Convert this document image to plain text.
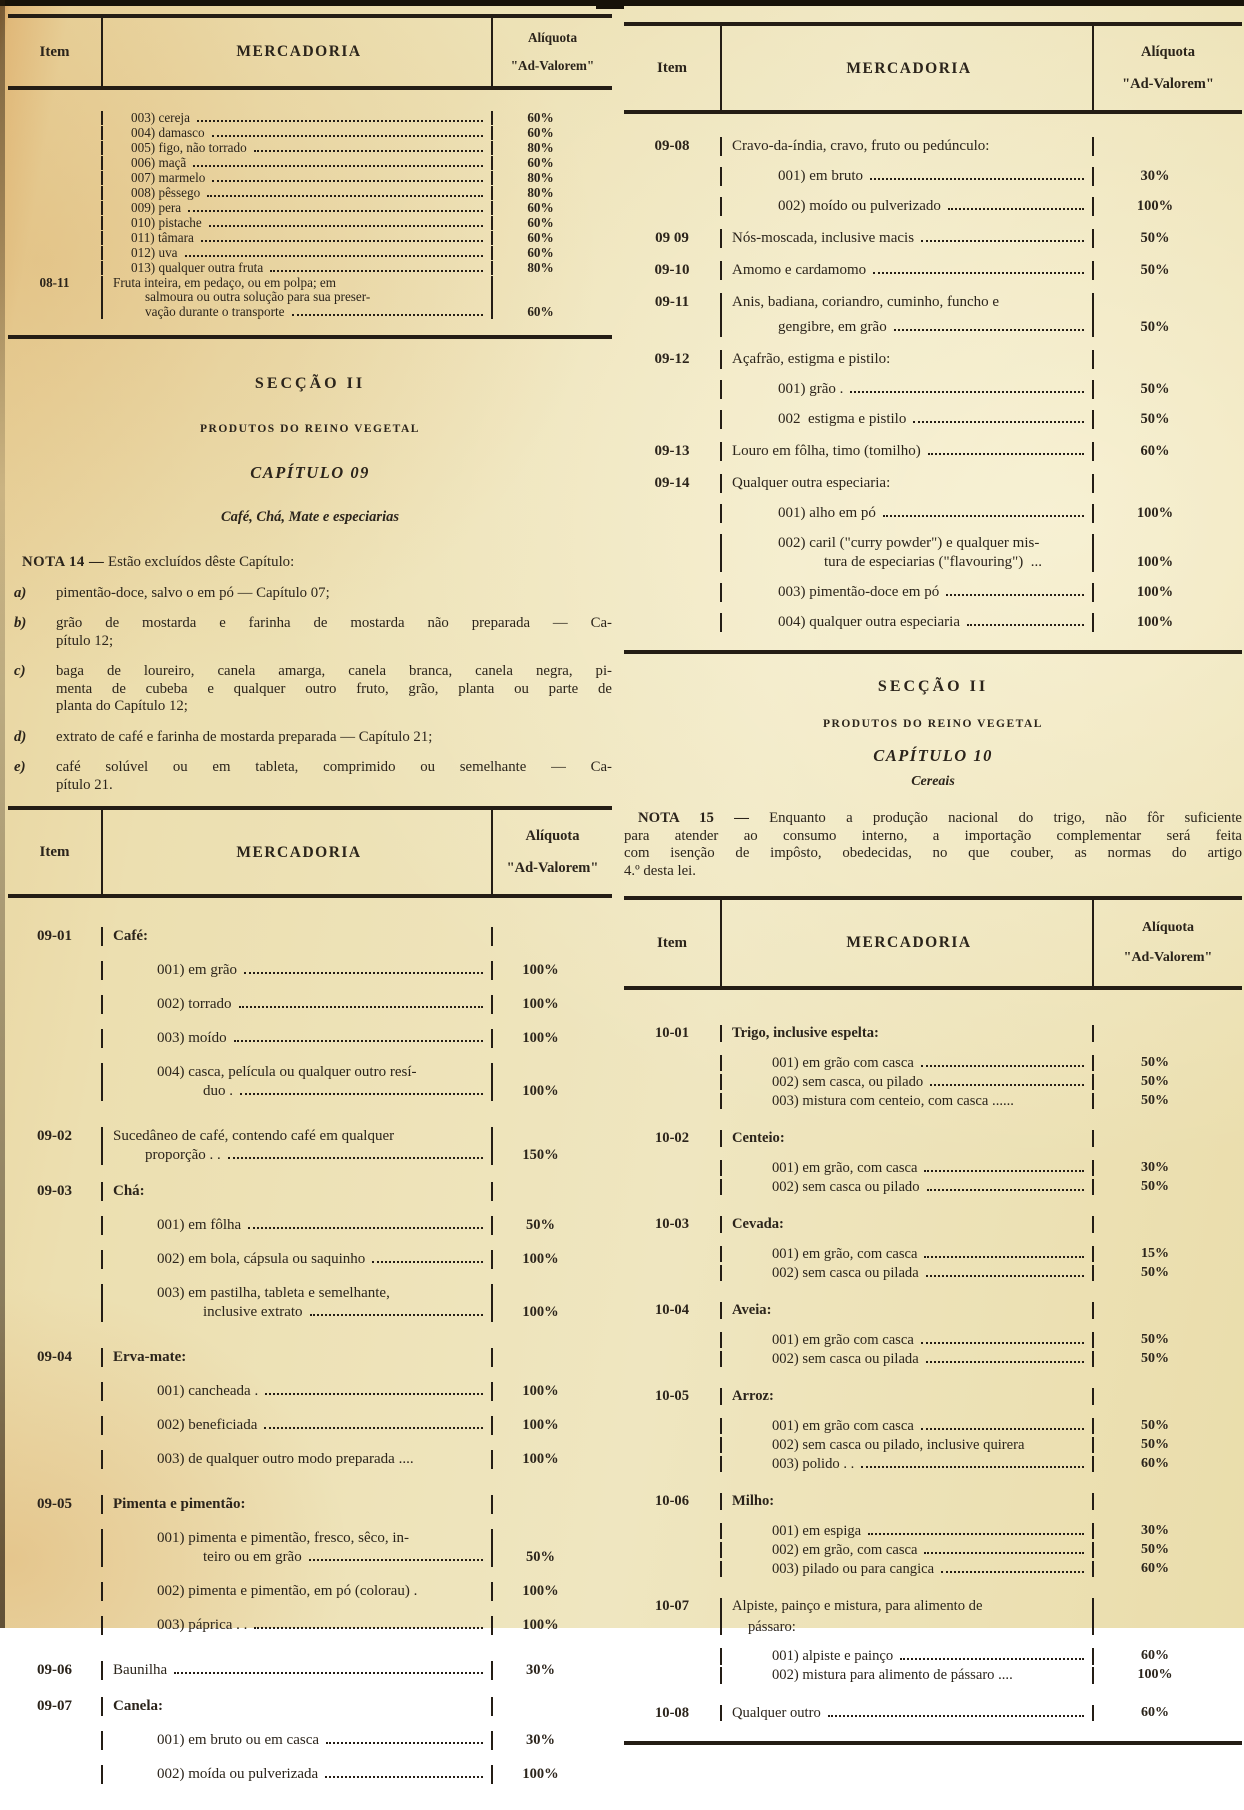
Item	MERCADORIA
Alíquota
"Ad-Valorem"
003) cereja	60%
004) damasco	60%
005) figo, não torrado	80%
006) maçã	60%
007) marmelo	80%
008) pêssego	80%
009) pera	60%
010) pistache	60%
011) tâmara	60%
012) uva	60%
013) qualquer outra fruta	80%
08-11	Fruta inteira, em pedaço, ou em polpa; em
salmoura ou outra solução para sua preser-
vação durante o transporte	60%
SECÇÃO II
PRODUTOS DO REINO VEGETAL
CAPÍTULO 09
Café, Chá, Mate e especiarias
NOTA 14 — Estão excluídos dêste Capítulo:
a) pimentão-doce, salvo o em pó — Capítulo 07;
b) grão de mostarda e farinha de mostarda não preparada — Ca-
pítulo 12;
c) baga de loureiro, canela amarga, canela branca, canela negra, pi-
menta de cubeba e qualquer outro fruto, grão, planta ou parte de
planta do Capítulo 12;
d) extrato de café e farinha de mostarda preparada — Capítulo 21;
e) café solúvel ou em tableta, comprimido ou semelhante — Ca-
pítulo 21.
Item	MERCADORIA
Alíquota
"Ad-Valorem"
09-01	Café:
001) em grão	100%
002) torrado	100%
003) moído	100%
004) casca, película ou qualquer outro resí-
duo .	100%
09-02	Sucedâneo de café, contendo café em qualquer
proporção . .	150%
09-03	Chá:
001) em fôlha	50%
002) em bola, cápsula ou saquinho	100%
003) em pastilha, tableta e semelhante,
inclusive extrato	100%
09-04	Erva-mate:
001) cancheada .	100%
002) beneficiada	100%
003) de qualquer outro modo preparada ....	100%
09-05	Pimenta e pimentão:
001) pimenta e pimentão, fresco, sêco, in-
teiro ou em grão	50%
002) pimenta e pimentão, em pó (colorau) .	100%
003) páprica . .	100%
09-06	Baunilha	30%
09-07	Canela:
001) em bruto ou em casca	30%
002) moída ou pulverizada	100%
Item	MERCADORIA
Alíquota
"Ad-Valorem"
09-08	Cravo-da-índia, cravo, fruto ou pedúnculo:
001) em bruto	30%
002) moído ou pulverizado	100%
09 09	Nós-moscada, inclusive macis	50%
09-10	Amomo e cardamomo	50%
09-11	Anis, badiana, coriandro, cuminho, funcho e
gengibre, em grão	50%
09-12	Açafrão, estigma e pistilo:
001) grão .	50%
002  estigma e pistilo	50%
09-13	Louro em fôlha, timo (tomilho)	60%
09-14	Qualquer outra especiaria:
001) alho em pó	100%
002) caril ("curry powder") e qualquer mis-
tura de especiarias ("flavouring")  ...	100%
003) pimentão-doce em pó	100%
004) qualquer outra especiaria	100%
SECÇÃO II
PRODUTOS DO REINO VEGETAL
CAPÍTULO 10
Cereais
NOTA 15 — Enquanto a produção nacional do trigo, não fôr suficiente
para atender ao consumo interno, a importação complementar será feita
com isenção de impôsto, obedecidas, no que couber, as normas do artigo
4.º desta lei.
Item	MERCADORIA
Alíquota
"Ad-Valorem"
10-01	Trigo, inclusive espelta:
001) em grão com casca	50%
002) sem casca, ou pilado	50%
003) mistura com centeio, com casca ......	50%
10-02	Centeio:
001) em grão, com casca	30%
002) sem casca ou pilado	50%
10-03	Cevada:
001) em grão, com casca	15%
002) sem casca ou pilada	50%
10-04	Aveia:
001) em grão com casca	50%
002) sem casca ou pilada	50%
10-05	Arroz:
001) em grão com casca	50%
002) sem casca ou pilado, inclusive quirera	50%
003) polido . .	60%
10-06	Milho:
001) em espiga	30%
002) em grão, com casca	50%
003) pilado ou para cangica	60%
10-07	Alpiste, painço e mistura, para alimento de
pássaro:
001) alpiste e painço	60%
002) mistura para alimento de pássaro ....	100%
10-08	Qualquer outro	60%
